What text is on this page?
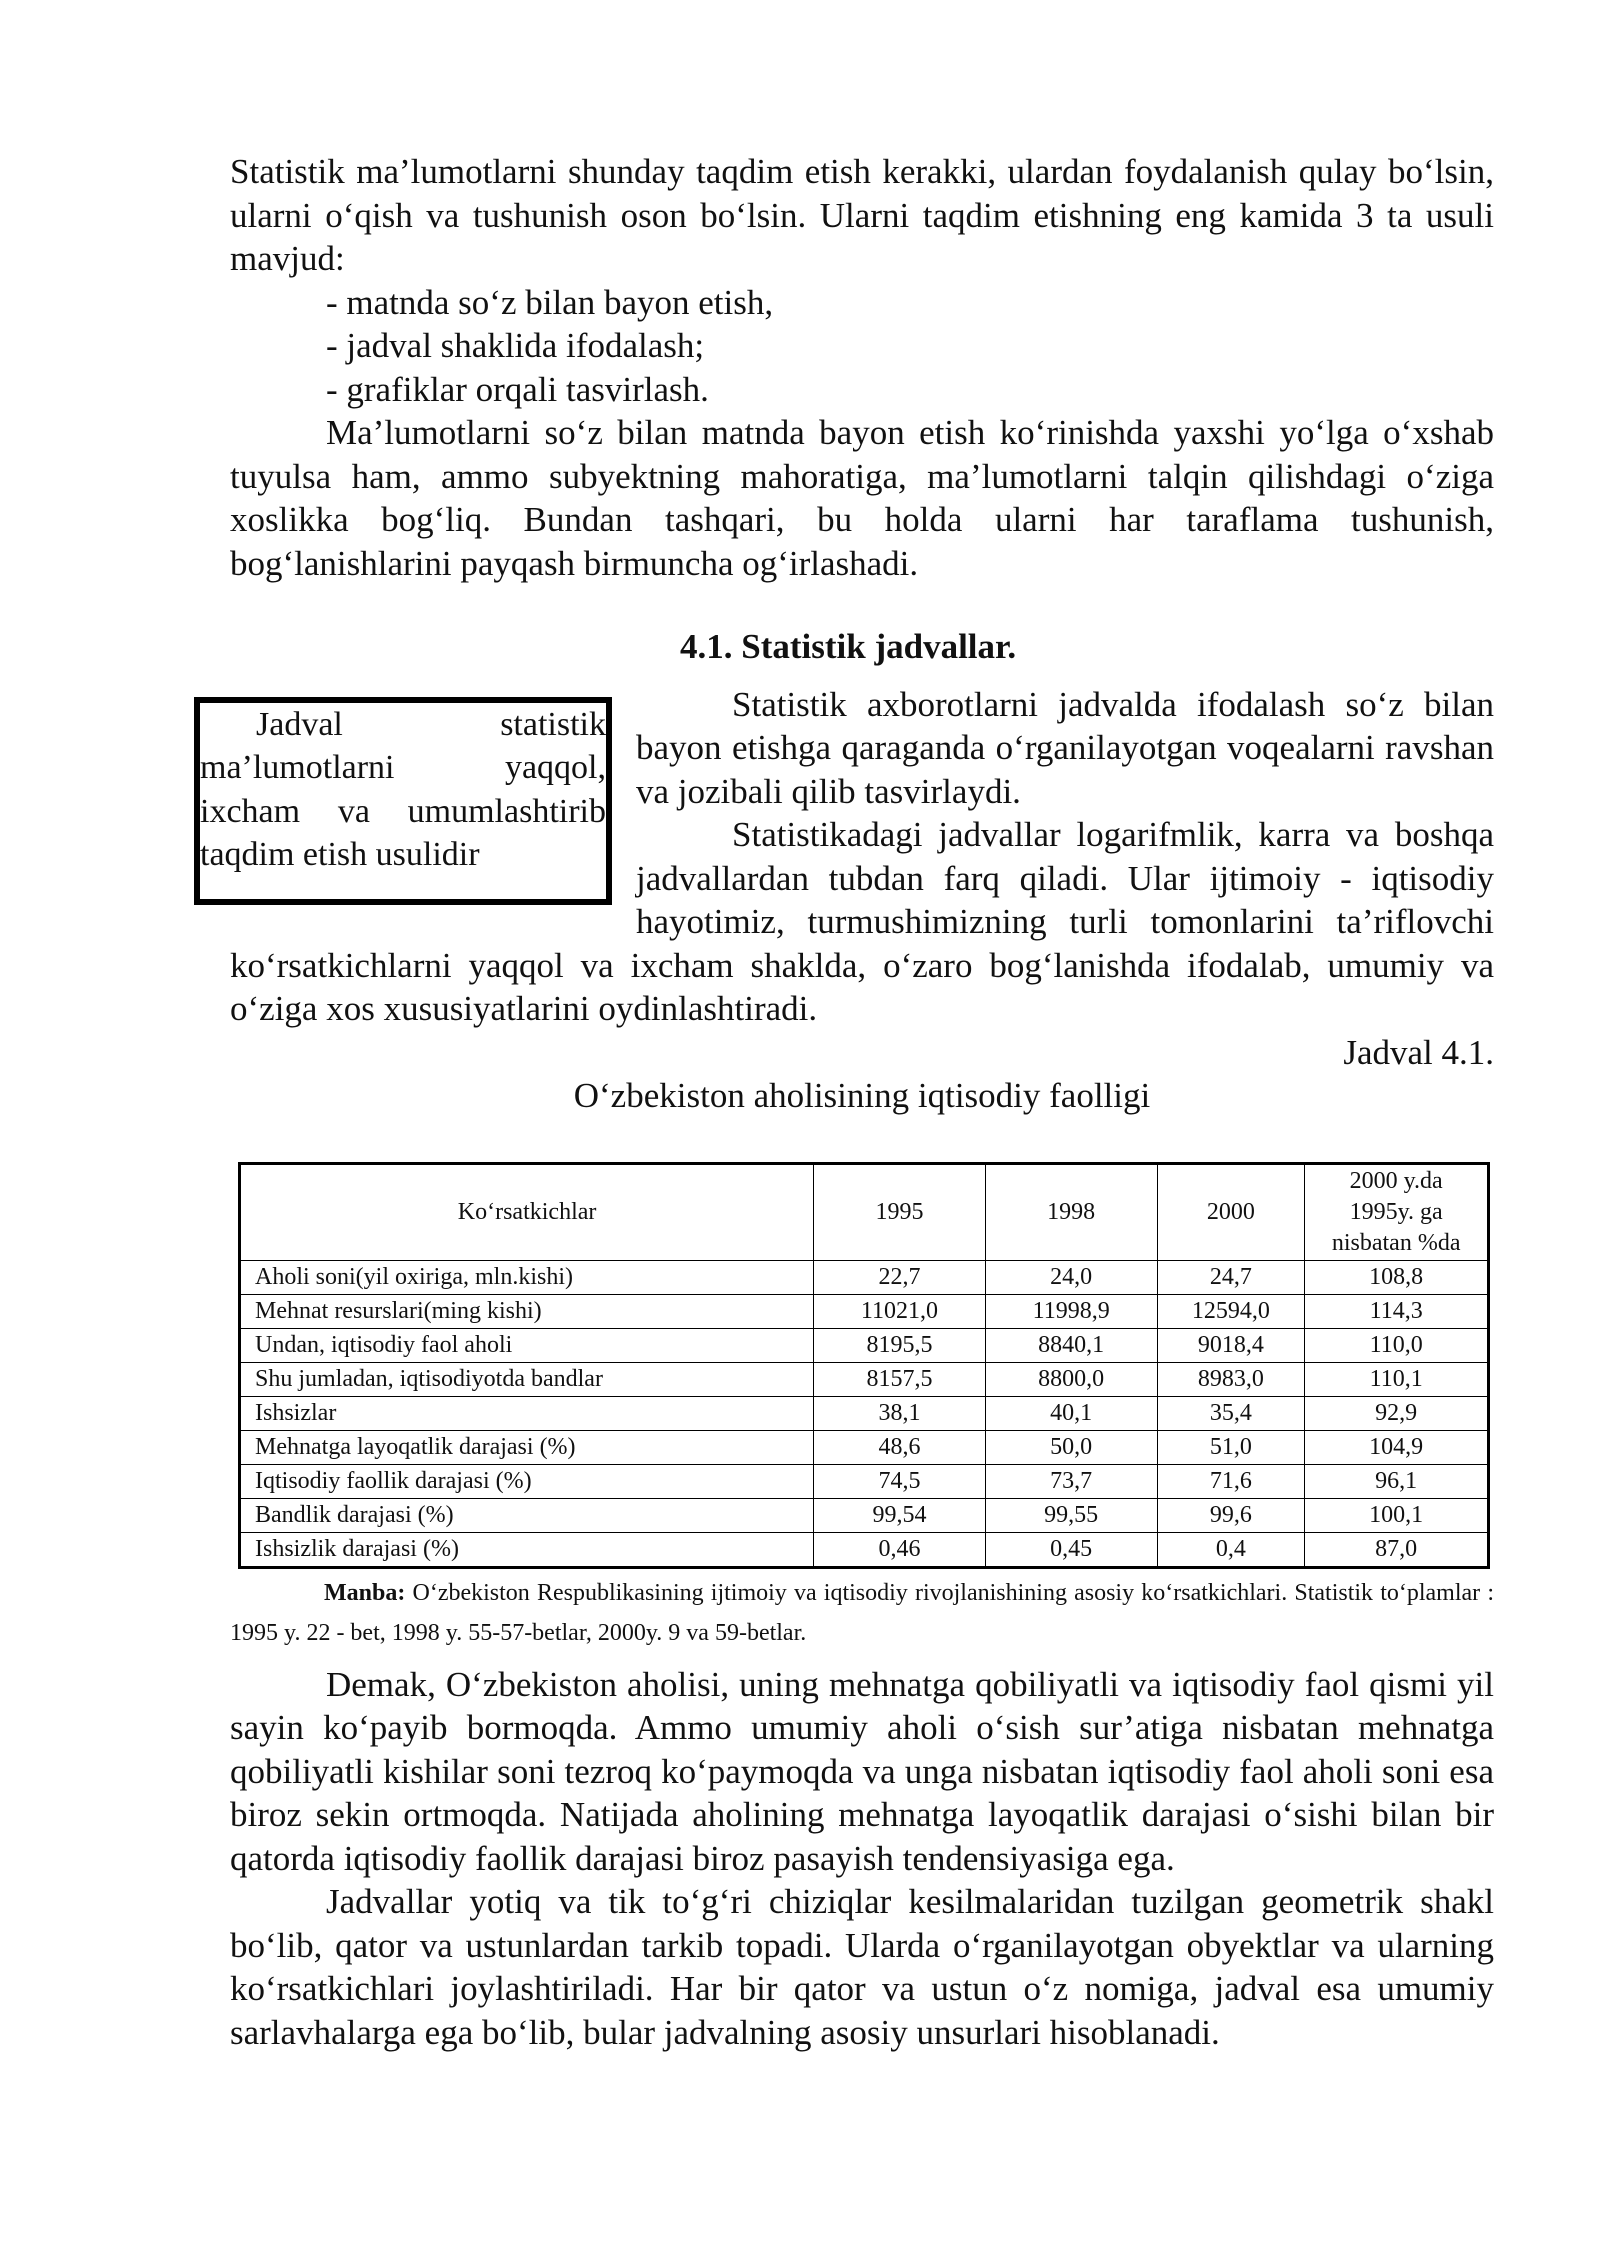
Statistik ma’lumotlarni shunday taqdim etish kerakki, ulardan foydalanish qulay bo‘lsin, ularni o‘qish va tushunish oson bo‘lsin. Ularni taqdim etishning eng kamida 3 ta usuli mavjud:

- matnda so‘z bilan bayon etish,
- jadval shaklida ifodalash;
- grafiklar orqali tasvirlash.

Ma’lumotlarni so‘z bilan matnda bayon etish ko‘rinishda yaxshi yo‘lga o‘xshab tuyulsa ham, ammo subyektning mahoratiga, ma’lumotlarni talqin qilishdagi o‘ziga xoslikka bog‘liq. Bundan tashqari, bu holda ularni har taraflama tushunish, bog‘lanishlarini payqash birmuncha og‘irlashadi.

4.1. Statistik jadvallar.

Jadval statistik ma’lumotlarni yaqqol, ixcham va umumlashtirib taqdim etish usulidir

Statistik axborotlarni jadvalda ifodalash so‘z bilan bayon etishga qaraganda o‘rganilayotgan voqealarni ravshan va jozibali qilib tasvirlaydi.

Statistikadagi jadvallar logarifmlik, karra va boshqa jadvallardan tubdan farq qiladi. Ular ijtimoiy - iqtisodiy hayotimiz, turmushimizning turli tomonlarini ta’riflovchi ko‘rsatkichlarni yaqqol va ixcham shaklda, o‘zaro bog‘lanishda ifodalab, umumiy va o‘ziga xos xususiyatlarini oydinlashtiradi.

Jadval 4.1.

O‘zbekiston aholisining iqtisodiy faolligi

Ko‘rsatkichlar	1995	1998	2000	2000 y.da 1995y. ga nisbatan %da
Aholi soni(yil oxiriga, mln.kishi)	22,7	24,0	24,7	108,8
Mehnat resurslari(ming kishi)	11021,0	11998,9	12594,0	114,3
Undan, iqtisodiy faol aholi	8195,5	8840,1	9018,4	110,0
Shu jumladan, iqtisodiyotda bandlar	8157,5	8800,0	8983,0	110,1
Ishsizlar	38,1	40,1	35,4	92,9
Mehnatga layoqatlik darajasi (%)	48,6	50,0	51,0	104,9
Iqtisodiy faollik darajasi (%)	74,5	73,7	71,6	96,1
Bandlik darajasi (%)	99,54	99,55	99,6	100,1
Ishsizlik darajasi (%)	0,46	0,45	0,4	87,0
Manba: O‘zbekiston Respublikasining ijtimoiy va iqtisodiy rivojlanishining asosiy ko‘rsatkichlari. Statistik to‘plamlar : 1995 y. 22 - bet, 1998 y. 55-57-betlar, 2000y. 9 va 59-betlar.

Demak, O‘zbekiston aholisi, uning mehnatga qobiliyatli va iqtisodiy faol qismi yil sayin ko‘payib bormoqda. Ammo umumiy aholi o‘sish sur’atiga nisbatan mehnatga qobiliyatli kishilar soni tezroq ko‘paymoqda va unga nisbatan iqtisodiy faol aholi soni esa biroz sekin ortmoqda. Natijada aholining mehnatga layoqatlik darajasi o‘sishi bilan bir qatorda iqtisodiy faollik darajasi biroz pasayish tendensiyasiga ega.

Jadvallar yotiq va tik to‘g‘ri chiziqlar kesilmalaridan tuzilgan geometrik shakl bo‘lib, qator va ustunlardan tarkib topadi. Ularda o‘rganilayotgan obyektlar va ularning ko‘rsatkichlari joylashtiriladi. Har bir qator va ustun o‘z nomiga, jadval esa umumiy sarlavhalarga ega bo‘lib, bular jadvalning asosiy unsurlari hisoblanadi.
